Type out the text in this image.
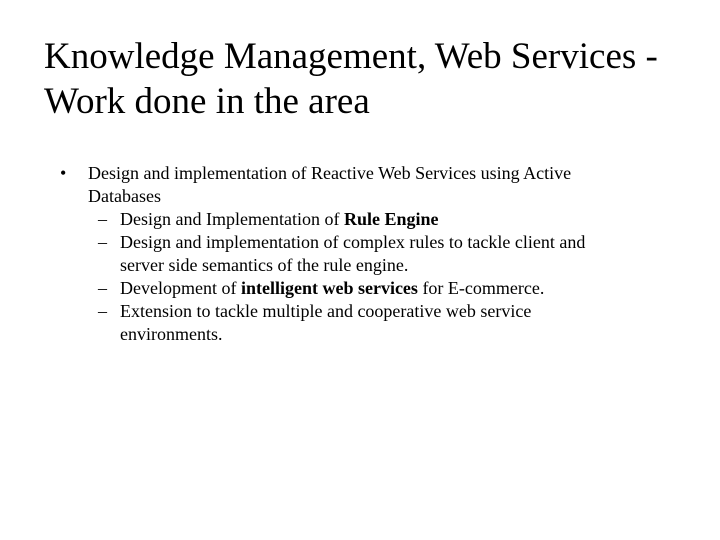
Knowledge Management, Web Services -
Work done in the area
• Design and implementation of Reactive Web Services using Active
Databases
– Design and Implementation of Rule Engine
– Design and implementation of complex rules to tackle client and
server side semantics of the rule engine.
– Development of intelligent web services for E-commerce.
– Extension to tackle multiple and cooperative web service
environments.
